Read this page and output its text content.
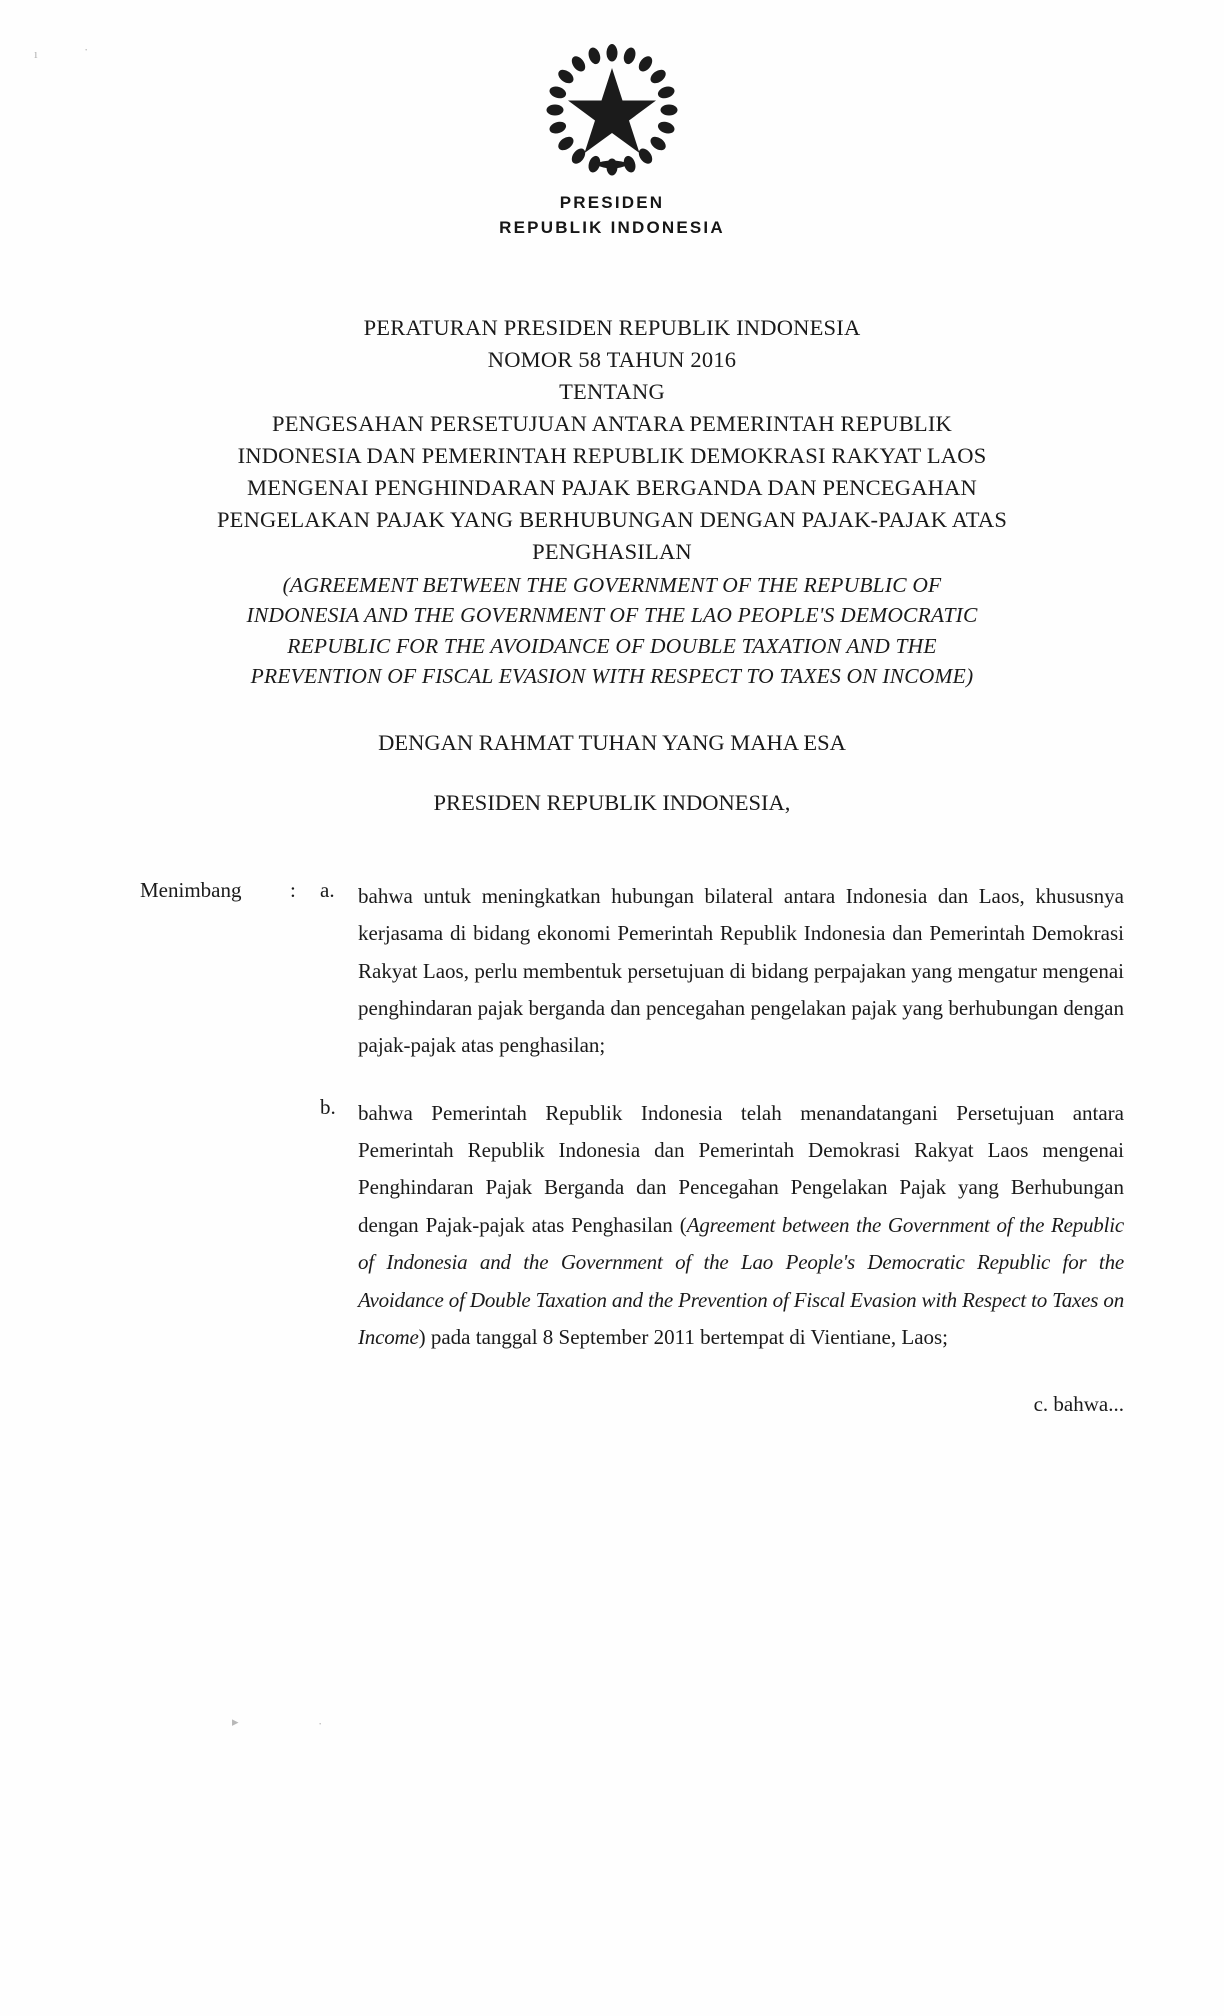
ı	·
PRESIDEN
REPUBLIK INDONESIA
PERATURAN PRESIDEN REPUBLIK INDONESIA
NOMOR 58 TAHUN 2016
TENTANG
PENGESAHAN PERSETUJUAN ANTARA PEMERINTAH REPUBLIK
INDONESIA DAN PEMERINTAH REPUBLIK DEMOKRASI RAKYAT LAOS
MENGENAI PENGHINDARAN PAJAK BERGANDA DAN PENCEGAHAN
PENGELAKAN PAJAK YANG BERHUBUNGAN DENGAN PAJAK-PAJAK ATAS
PENGHASILAN
(AGREEMENT BETWEEN THE GOVERNMENT OF THE REPUBLIC OF
INDONESIA AND THE GOVERNMENT OF THE LAO PEOPLE'S DEMOCRATIC
REPUBLIC FOR THE AVOIDANCE OF DOUBLE TAXATION AND THE
PREVENTION OF FISCAL EVASION WITH RESPECT TO TAXES ON INCOME)
DENGAN RAHMAT TUHAN YANG MAHA ESA
PRESIDEN REPUBLIK INDONESIA,
Menimbang	:	a.	bahwa untuk meningkatkan hubungan bilateral antara Indonesia dan Laos, khususnya kerjasama di bidang ekonomi Pemerintah Republik Indonesia dan Pemerintah Demokrasi Rakyat Laos, perlu membentuk persetujuan di bidang perpajakan yang mengatur mengenai penghindaran pajak berganda dan pencegahan pengelakan pajak yang berhubungan dengan pajak-pajak atas penghasilan;
b.	bahwa Pemerintah Republik Indonesia telah menandatangani Persetujuan antara Pemerintah Republik Indonesia dan Pemerintah Demokrasi Rakyat Laos mengenai Penghindaran Pajak Berganda dan Pencegahan Pengelakan Pajak yang Berhubungan dengan Pajak-pajak atas Penghasilan (Agreement between the Government of the Republic of Indonesia and the Government of the Lao People's Democratic Republic for the Avoidance of Double Taxation and the Prevention of Fiscal Evasion with Respect to Taxes on Income) pada tanggal 8 September 2011 bertempat di Vientiane, Laos;
c. bahwa...
▸	·
